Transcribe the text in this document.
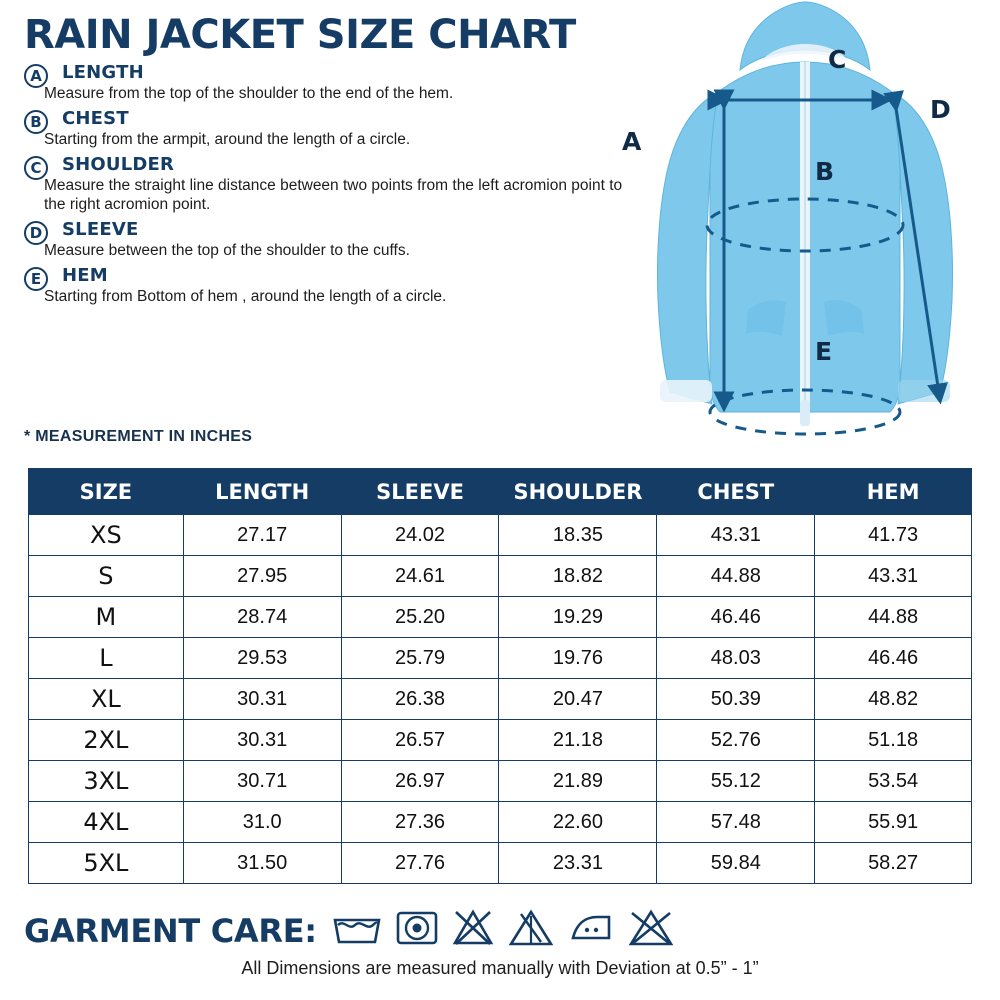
RAIN JACKET SIZE CHART
A	LENGTH
Measure from the top of the shoulder to the end of the hem.
B	CHEST
Starting from the armpit, around the length of a circle.
C	SHOULDER
Measure the straight line distance between two points from the left acromion point to the right acromion point.
D	SLEEVE
Measure between the top of the shoulder to the cuffs.
E	HEM
Starting from Bottom of hem , around the length of a circle.
* MEASUREMENT IN INCHES
A
B
C
D
E
SIZE	LENGTH	SLEEVE	SHOULDER	CHEST	HEM
XS	27.17	24.02	18.35	43.31	41.73
S	27.95	24.61	18.82	44.88	43.31
M	28.74	25.20	19.29	46.46	44.88
L	29.53	25.79	19.76	48.03	46.46
XL	30.31	26.38	20.47	50.39	48.82
2XL	30.31	26.57	21.18	52.76	51.18
3XL	30.71	26.97	21.89	55.12	53.54
4XL	31.0	27.36	22.60	57.48	55.91
5XL	31.50	27.76	23.31	59.84	58.27
GARMENT CARE:
All Dimensions are measured manually with Deviation at 0.5” - 1”
